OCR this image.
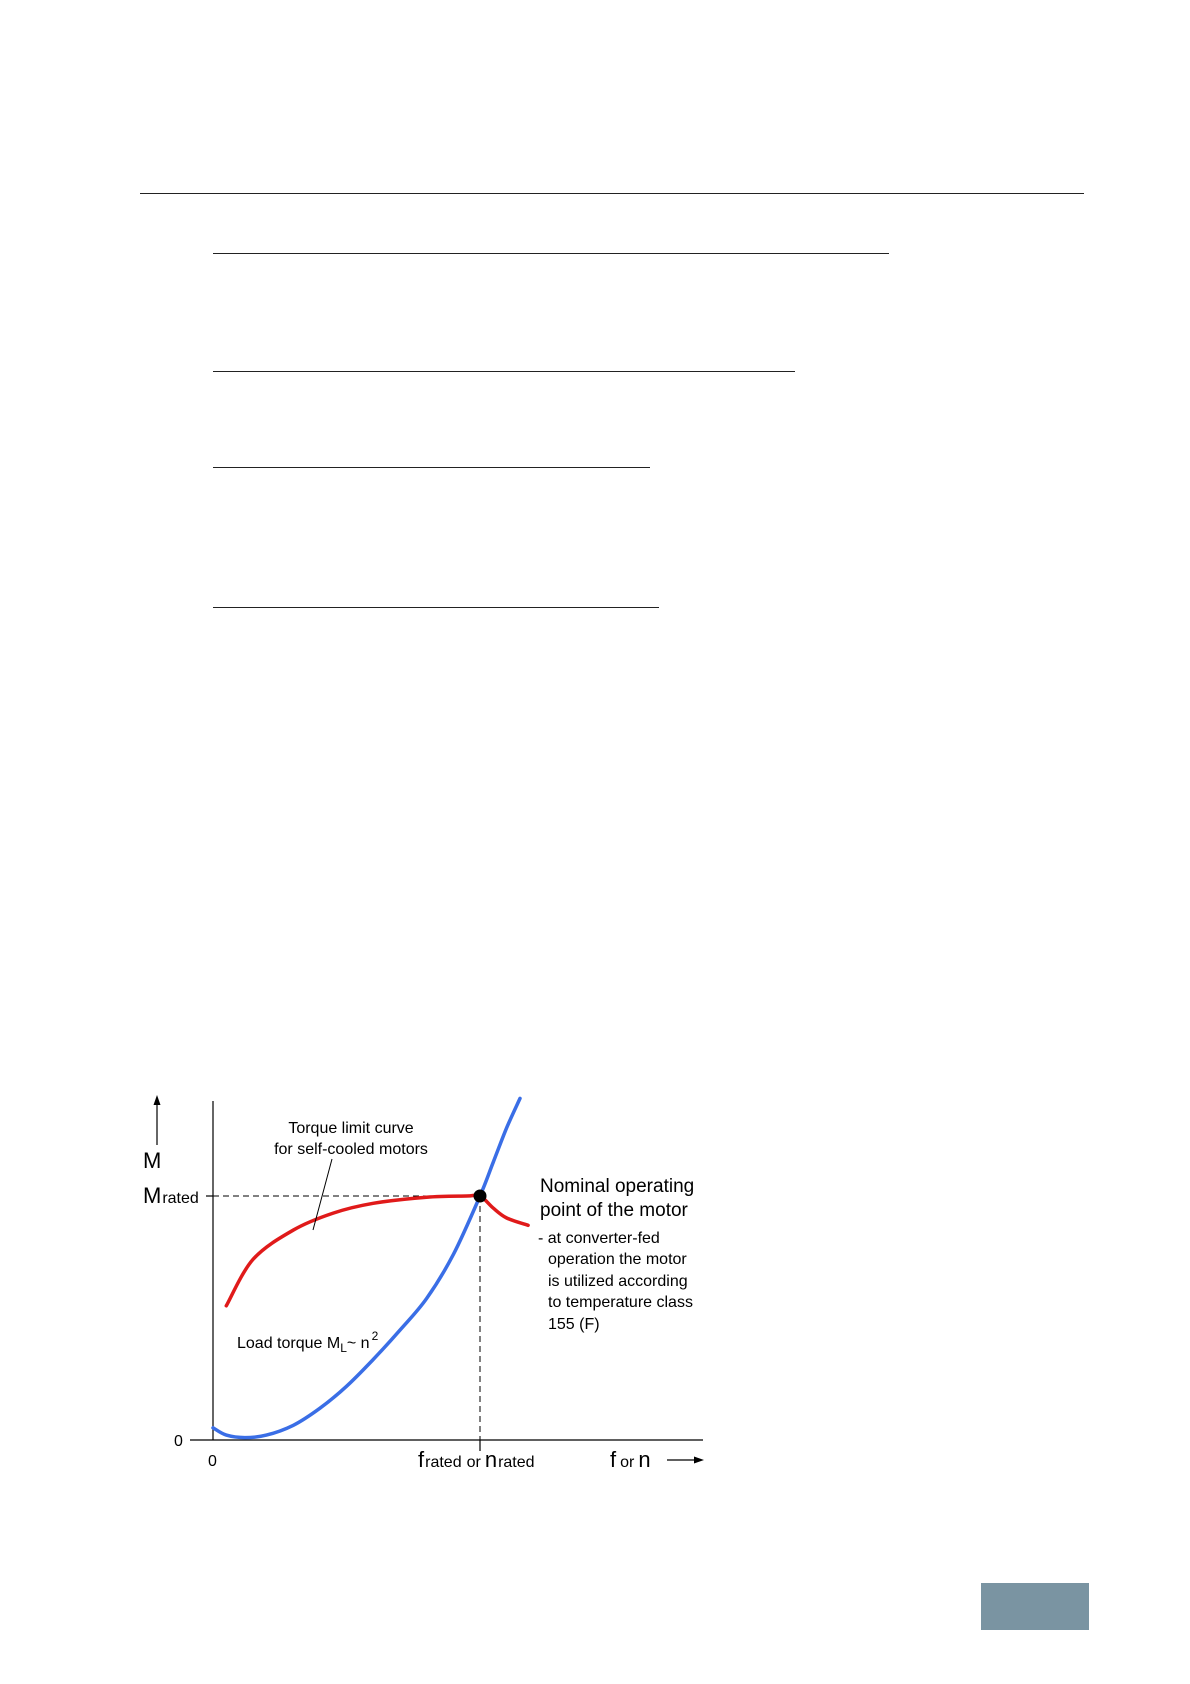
M
Mrated
0
0	frated or nrated	f or n
Torque limit curve
for self-cooled motors
Load torque $M_L\sim$ n $^2$
Nominal operating
point of the motor
- at converter-fed
operation the motor
is utilized according
to temperature class
155 (F)
